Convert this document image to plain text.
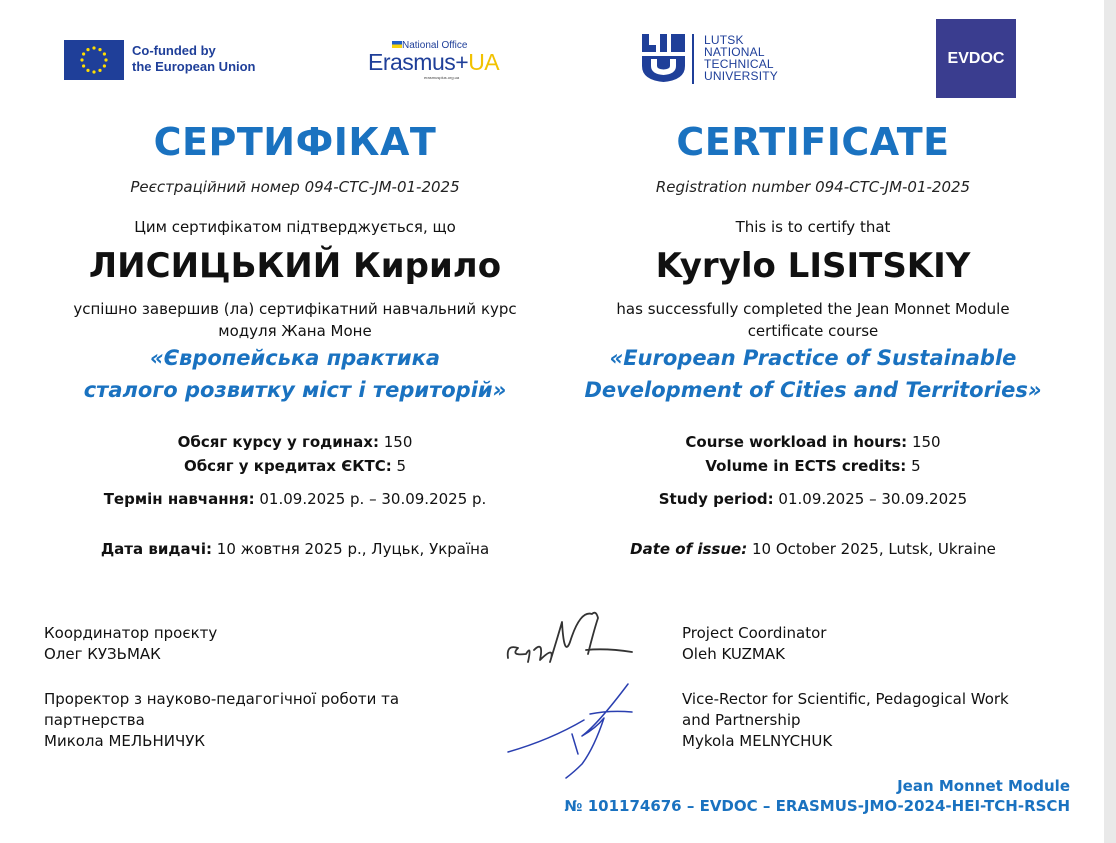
Co-funded by
the European Union
National Office
Erasmus+UA
erasmusplus.org.ua
LUTSK
NATIONAL
TECHNICAL
UNIVERSITY
EVDOC
СЕРТИФІКАТ
Реєстраційний номер 094-CTC-JM-01-2025
Цим сертифікатом підтверджується, що
ЛИСИЦЬКИЙ Кирило
успішно завершив (ла) сертифікатний навчальний курс
модуля Жана Моне
«Європейська практика
сталого розвитку міст і територій»
Обсяг курсу у годинах: 150
Обсяг у кредитах ЄКТС: 5
Термін навчання: 01.09.2025 р. – 30.09.2025 р.
Дата видачі: 10 жовтня 2025 р., Луцьк, Україна
CERTIFICATE
Registration number 094-CTC-JM-01-2025
This is to certify that
Kyrylo LISITSKIY
has successfully completed the Jean Monnet Module
certificate course
«European Practice of Sustainable
Development of Cities and Territories»
Course workload in hours: 150
Volume in ECTS credits: 5
Study period: 01.09.2025 – 30.09.2025
Date of issue: 10 October 2025, Lutsk, Ukraine
Координатор проєкту
Олег КУЗЬМАК
Проректор з науково-педагогічної роботи та
партнерства
Микола МЕЛЬНИЧУК
Project Coordinator
Oleh KUZMAK
Vice-Rector for Scientific, Pedagogical Work
and Partnership
Mykola MELNYCHUK
Jean Monnet Module
№ 101174676 – EVDOC – ERASMUS-JMO-2024-HEI-TCH-RSCH
